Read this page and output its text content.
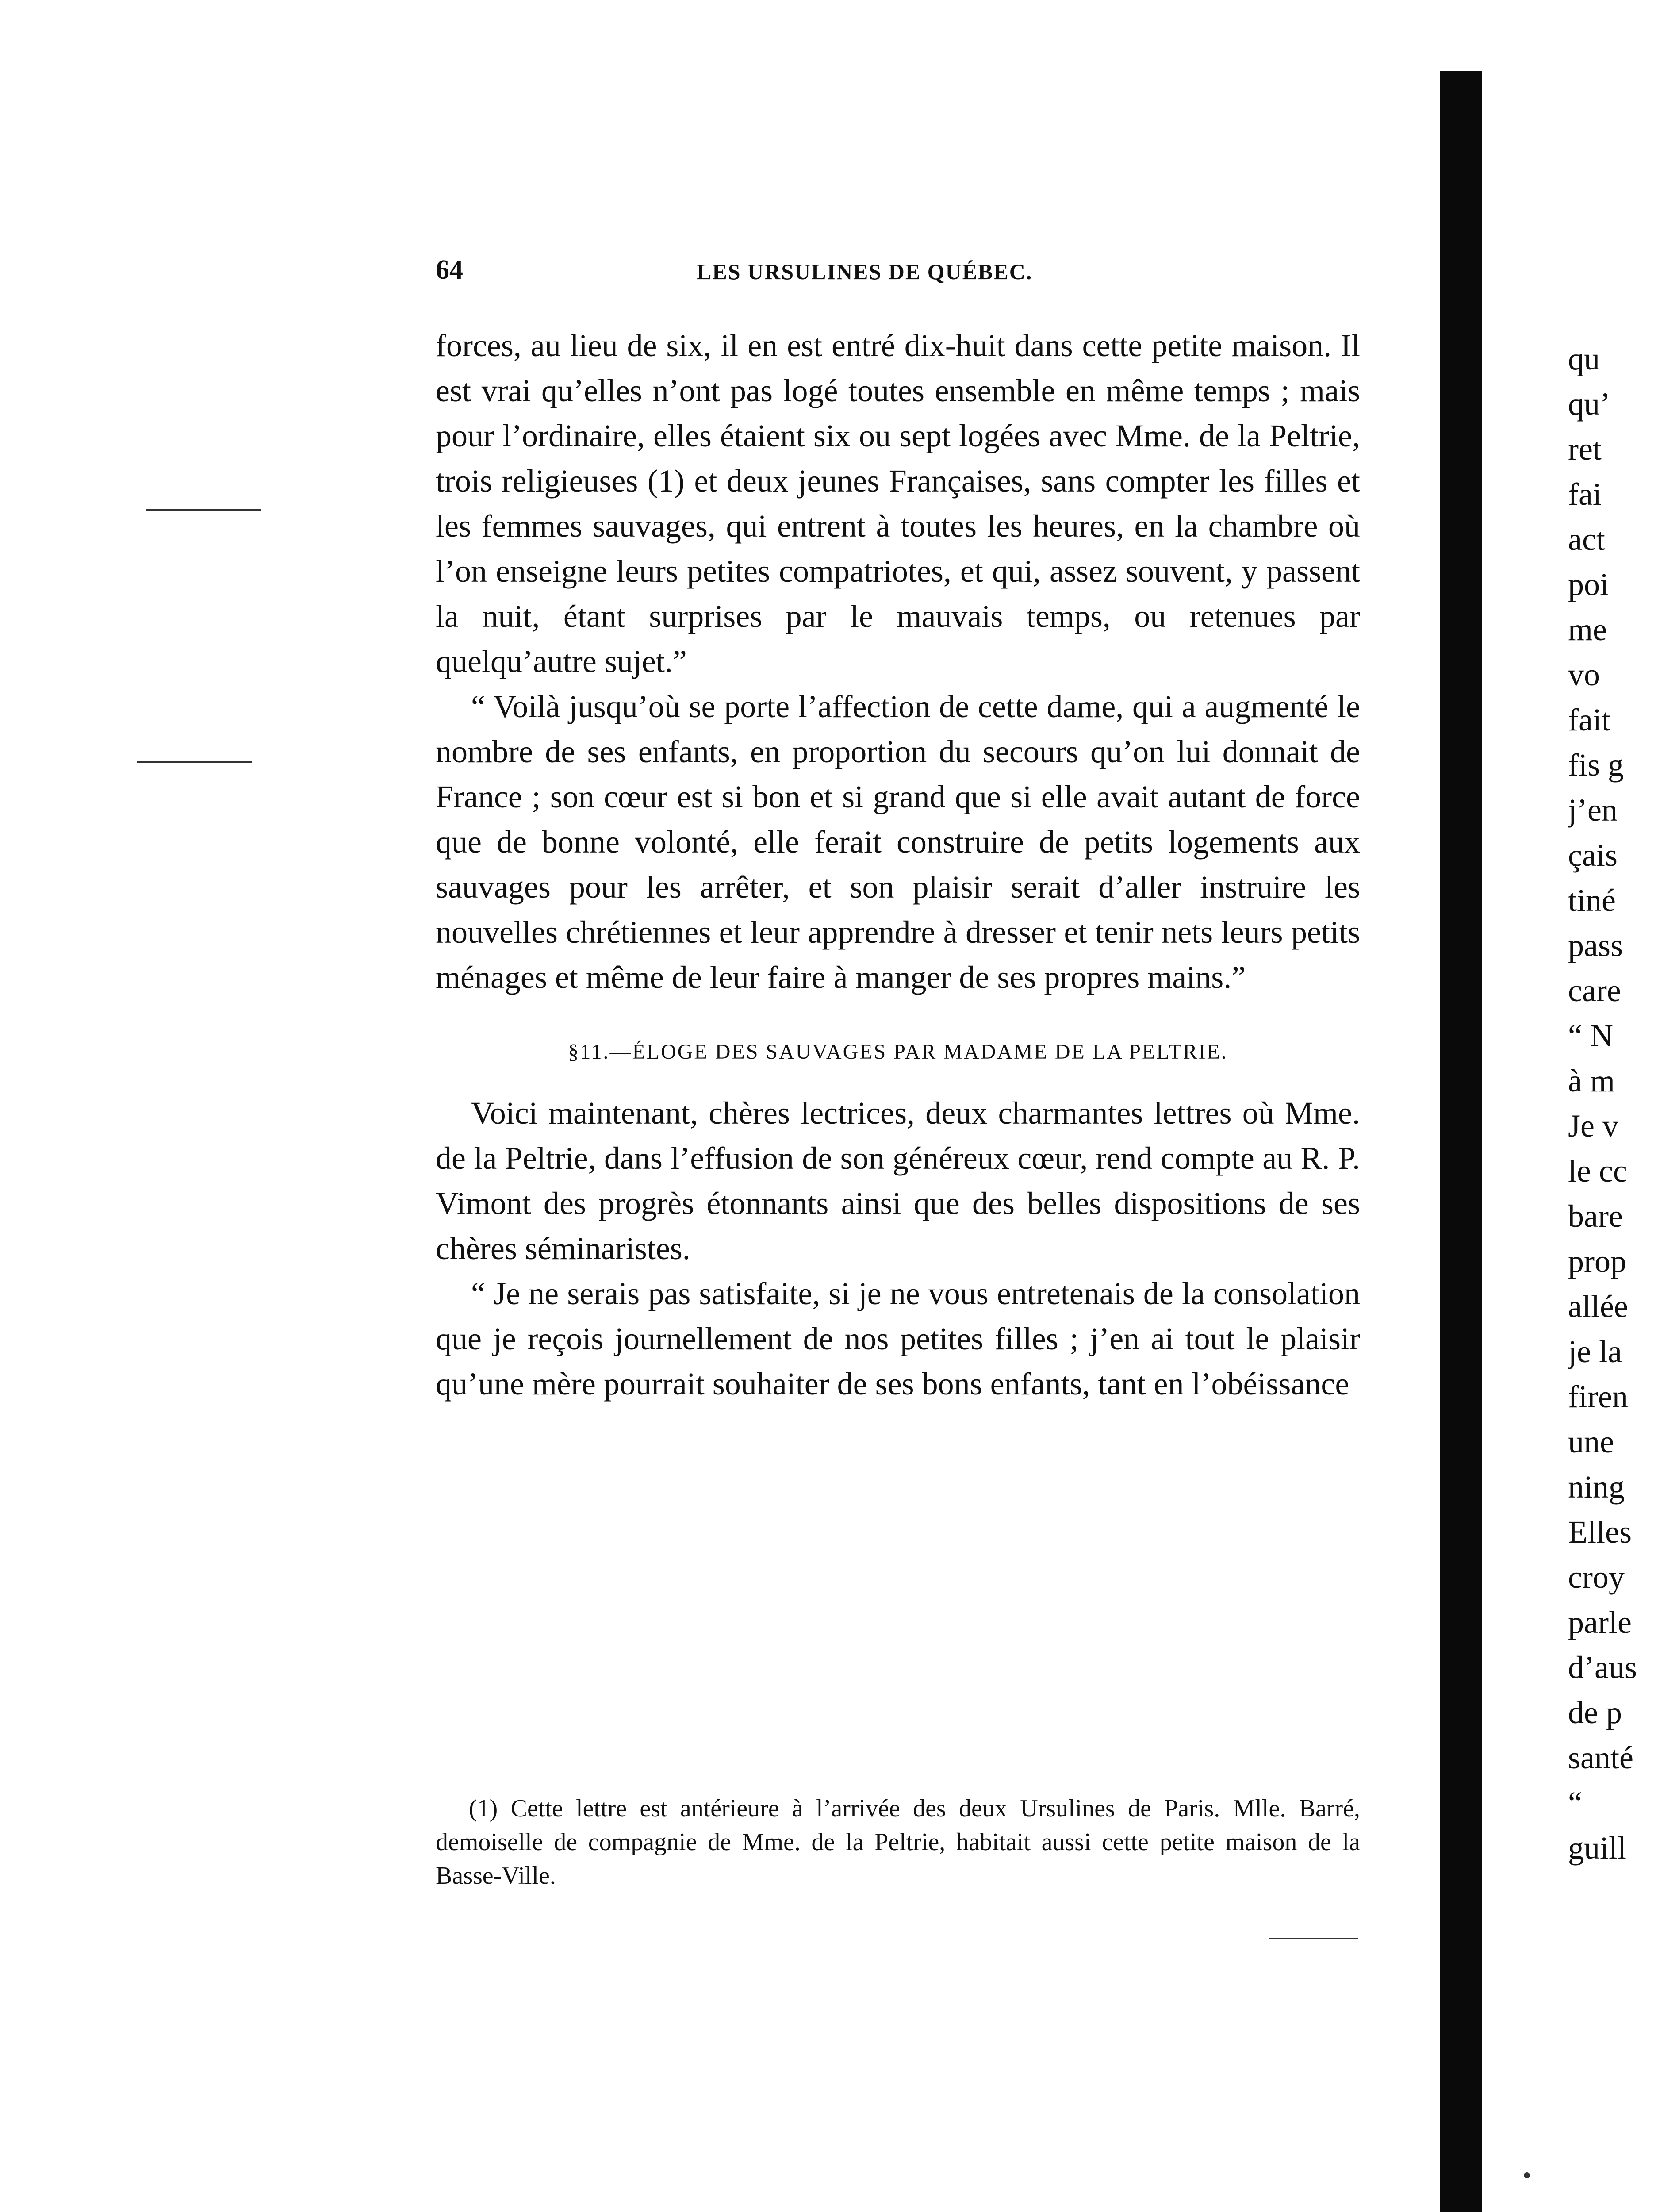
64	LES URSULINES DE QUÉBEC.

forces, au lieu de six, il en est entré dix-huit dans cette petite maison. Il est vrai qu’elles n’ont pas logé toutes ensemble en même temps ; mais pour l’ordinaire, elles étaient six ou sept logées avec Mme. de la Peltrie, trois religieuses (1) et deux jeunes Françaises, sans compter les filles et les femmes sauvages, qui entrent à toutes les heures, en la chambre où l’on enseigne leurs petites compatriotes, et qui, assez souvent, y passent la nuit, étant surprises par le mauvais temps, ou retenues par quelqu’autre sujet.”

“ Voilà jusqu’où se porte l’affection de cette dame, qui a augmenté le nombre de ses enfants, en proportion du secours qu’on lui donnait de France ; son cœur est si bon et si grand que si elle avait autant de force que de bonne volonté, elle ferait construire de petits logements aux sauvages pour les arrêter, et son plaisir serait d’aller instruire les nouvelles chrétiennes et leur apprendre à dresser et tenir nets leurs petits ménages et même de leur faire à manger de ses propres mains.”

§11.—ÉLOGE DES SAUVAGES PAR MADAME DE LA PELTRIE.

Voici maintenant, chères lectrices, deux charmantes lettres où Mme. de la Peltrie, dans l’effusion de son généreux cœur, rend compte au R. P. Vimont des progrès étonnants ainsi que des belles dispositions de ses chères séminaristes.

“ Je ne serais pas satisfaite, si je ne vous entretenais de la consolation que je reçois journellement de nos petites filles ; j’en ai tout le plaisir qu’une mère pourrait souhaiter de ses bons enfants, tant en l’obéissance

(1) Cette lettre est antérieure à l’arrivée des deux Ursulines de Paris. Mlle. Barré, demoiselle de compagnie de Mme. de la Peltrie, habitait aussi cette petite maison de la Basse-Ville.

qu
qu’
ret
fai
act
poi
me
vo
fait
fis g
j’en
çais
tiné
pass
care
“ N
à m
Je v
le cc
bare
prop
allée
je la
firen
une
ning
Elles
croy
parle
d’aus
de p
santé
“
guill
